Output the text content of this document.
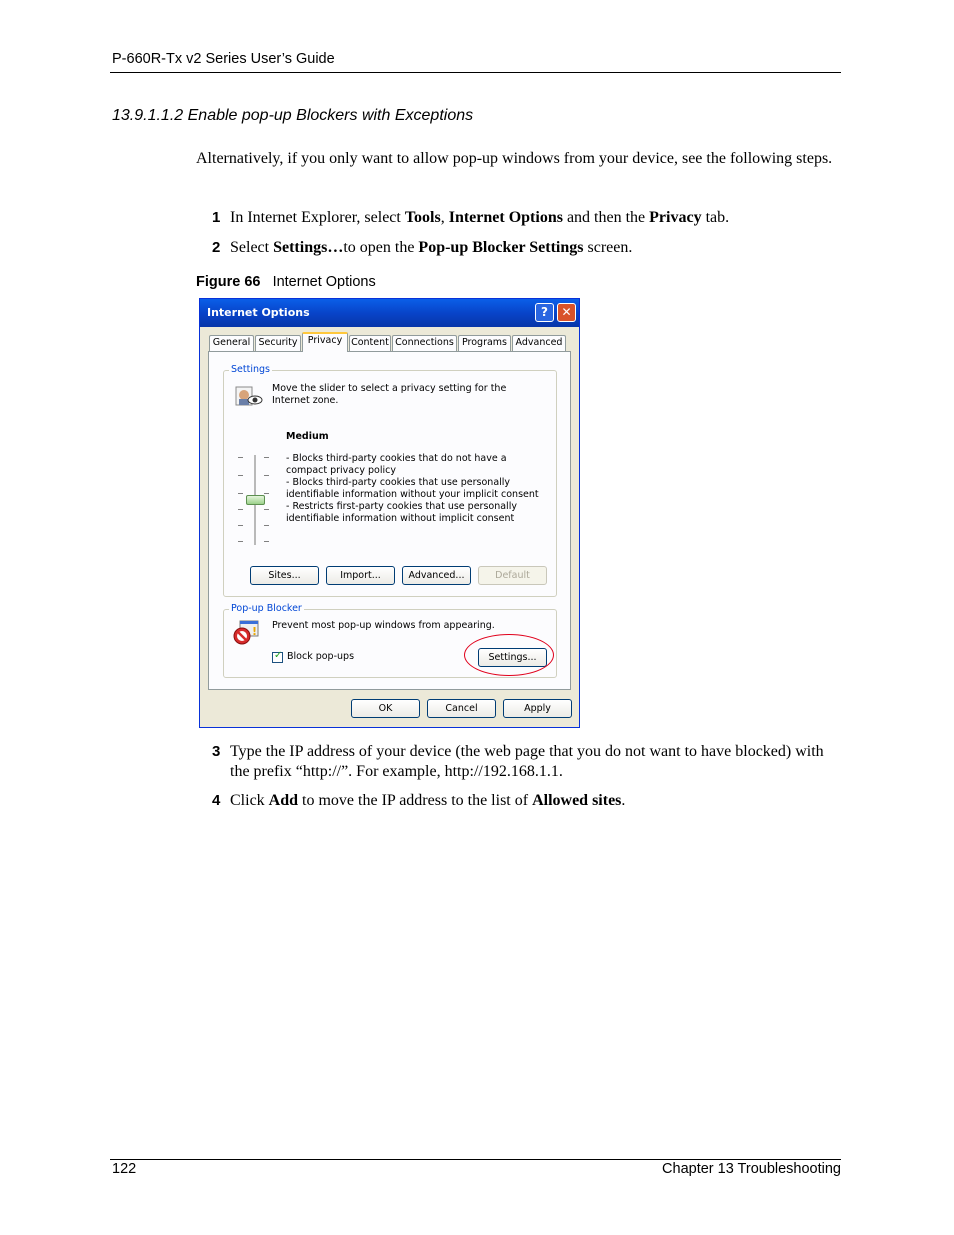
P-660R-Tx v2 Series User’s Guide
13.9.1.1.2 Enable pop-up Blockers with Exceptions
Alternatively, if you only want to allow pop-up windows from your device, see the following steps.
1 In Internet Explorer, select Tools, Internet Options and then the Privacy tab.
2 Select Settings…to open the Pop-up Blocker Settings screen.
Figure 66 Internet Options
Internet Options	?	✕
General Security	Privacy Content Connections Programs Advanced
Settings
Move the slider to select a privacy setting for the Internet zone.
Medium
- Blocks third-party cookies that do not have a compact privacy policy
- Blocks third-party cookies that use personally identifiable information without your implicit consent
- Restricts first-party cookies that use personally identifiable information without implicit consent
Sites...	Import...	Advanced...	Default
Pop-up Blocker
! Prevent most pop-up windows from appearing.
✓ Block pop-ups	Settings...
OK	Cancel	Apply
3 Type the IP address of your device (the web page that you do not want to have blocked) with the prefix “http://”. For example, http://192.168.1.1.
4 Click Add to move the IP address to the list of Allowed sites.
122	Chapter 13 Troubleshooting
